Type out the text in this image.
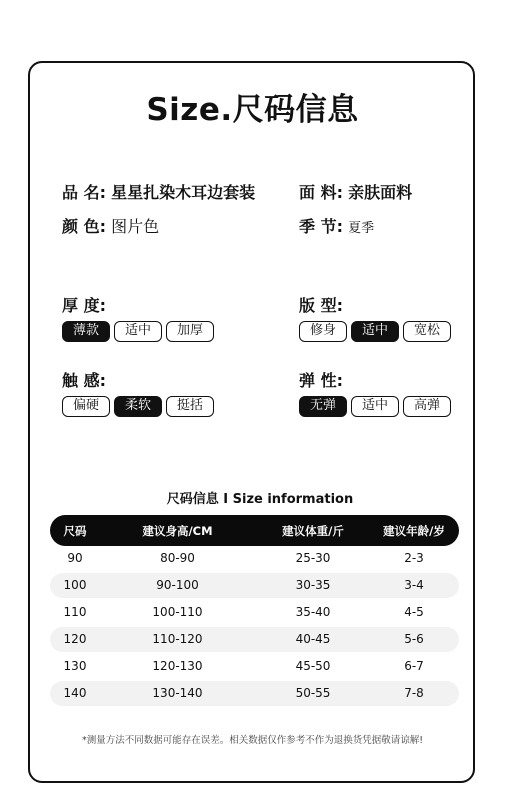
Size.尺码信息
品 名: 星星扎染木耳边套装	面 料: 亲肤面料
颜 色: 图片色	季 节: 夏季
厚 度:
薄款	适中	加厚
版 型:
修身	适中	宽松
触 感:
偏硬	柔软	挺括
弹 性:
无弹	适中	高弹
尺码信息 I Size information
尺码	建议身高/CM	建议体重/斤	建议年龄/岁
90	80-90	25-30	2-3
100	90-100	30-35	3-4
110	100-110	35-40	4-5
120	110-120	40-45	5-6
130	120-130	45-50	6-7
140	130-140	50-55	7-8
*测量方法不同数据可能存在误差。相关数据仅作参考不作为退换货凭据敬请谅解!
